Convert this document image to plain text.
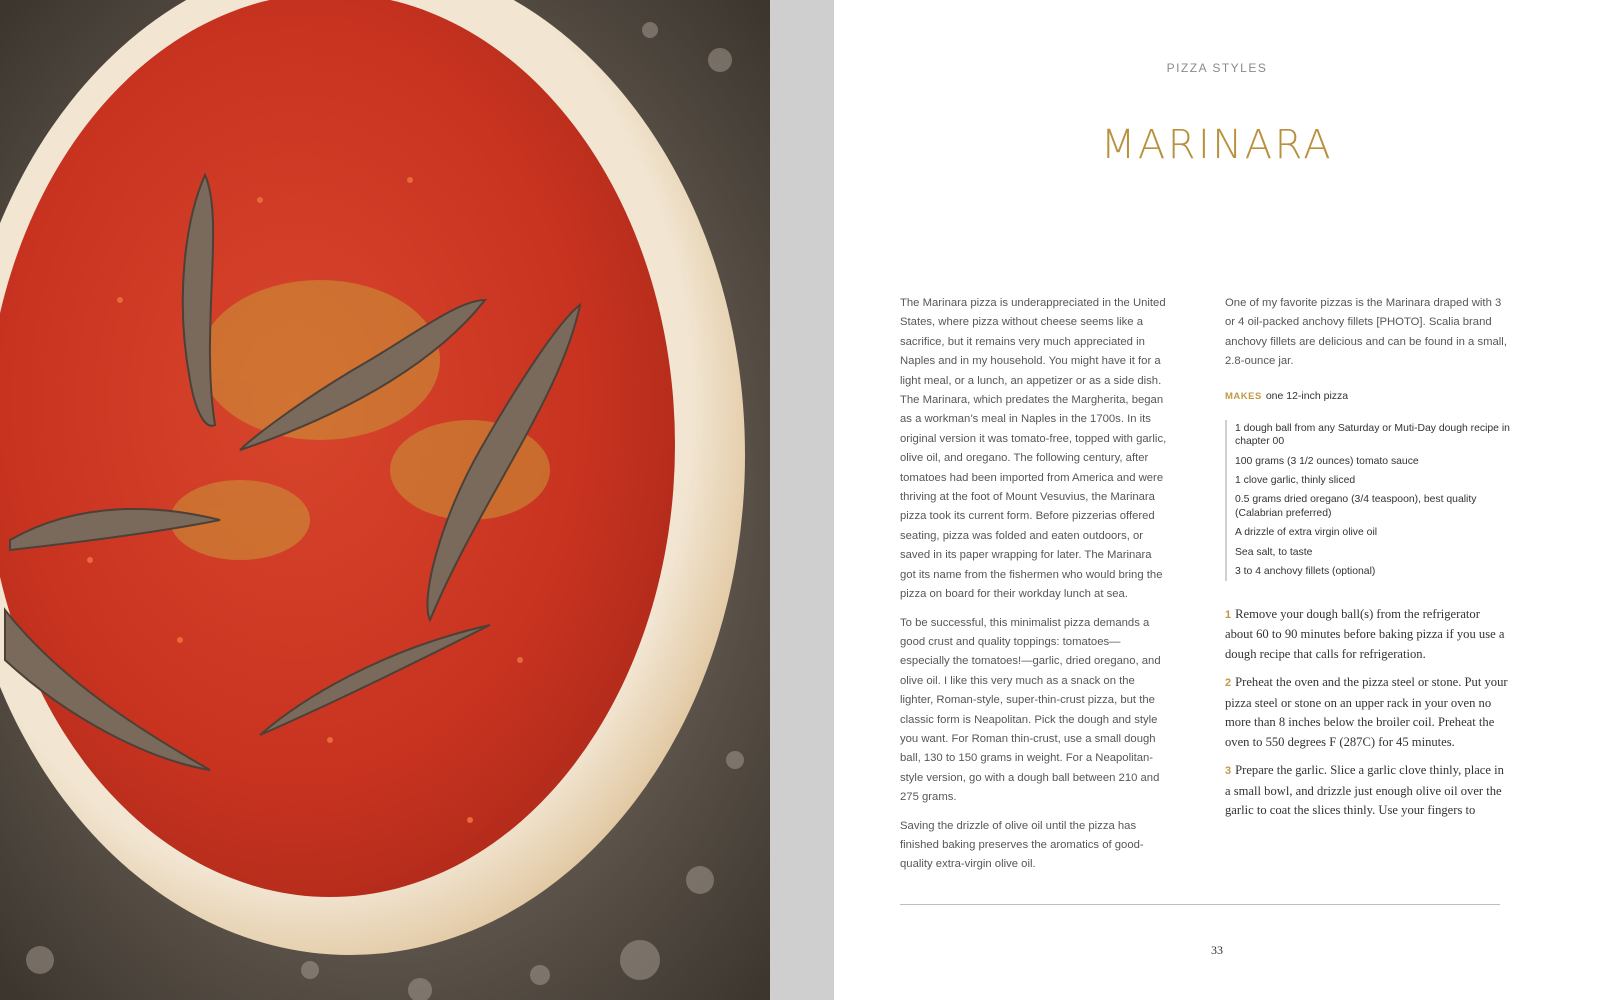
PIZZA STYLES
MARINARA

The Marinara pizza is underappreciated in the United States, where pizza without cheese seems like a sacrifice, but it remains very much appreciated in Naples and in my household. You might have it for a light meal, or a lunch, an appetizer or as a side dish. The Marinara, which predates the Margherita, began as a workman’s meal in Naples in the 1700s. In its original version it was tomato-free, topped with garlic, olive oil, and oregano. The following century, after tomatoes had been imported from America and were thriving at the foot of Mount Vesuvius, the Marinara pizza took its current form. Before pizzerias offered seating, pizza was folded and eaten outdoors, or saved in its paper wrapping for later. The Marinara got its name from the fishermen who would bring the pizza on board for their workday lunch at sea.

To be successful, this minimalist pizza demands a good crust and quality toppings: tomatoes—especially the tomatoes!—garlic, dried oregano, and olive oil. I like this very much as a snack on the lighter, Roman-style, super-thin-crust pizza, but the classic form is Neapolitan. Pick the dough and style you want. For Roman thin-crust, use a small dough ball, 130 to 150 grams in weight. For a Neapolitan-style version, go with a dough ball between 210 and 275 grams.

Saving the drizzle of olive oil until the pizza has finished baking preserves the aromatics of good-quality extra-virgin olive oil.

One of my favorite pizzas is the Marinara draped with 3 or 4 oil-packed anchovy fillets [PHOTO]. Scalia brand anchovy fillets are delicious and can be found in a small, 2.8-ounce jar.

MAKES one 12-inch pizza
1 dough ball from any Saturday or Muti-Day dough recipe in chapter 00
100 grams (3 1/2 ounces) tomato sauce
1 clove garlic, thinly sliced
0.5 grams dried oregano (3/4 teaspoon), best quality (Calabrian preferred)
A drizzle of extra virgin olive oil
Sea salt, to taste
3 to 4 anchovy fillets (optional)

1 Remove your dough ball(s) from the refrigerator about 60 to 90 minutes before baking pizza if you use a dough recipe that calls for refrigeration.

2 Preheat the oven and the pizza steel or stone. Put your pizza steel or stone on an upper rack in your oven no more than 8 inches below the broiler coil. Preheat the oven to 550 degrees F (287C) for 45 minutes.

3 Prepare the garlic. Slice a garlic clove thinly, place in a small bowl, and drizzle just enough olive oil over the garlic to coat the slices thinly. Use your fingers to

33
